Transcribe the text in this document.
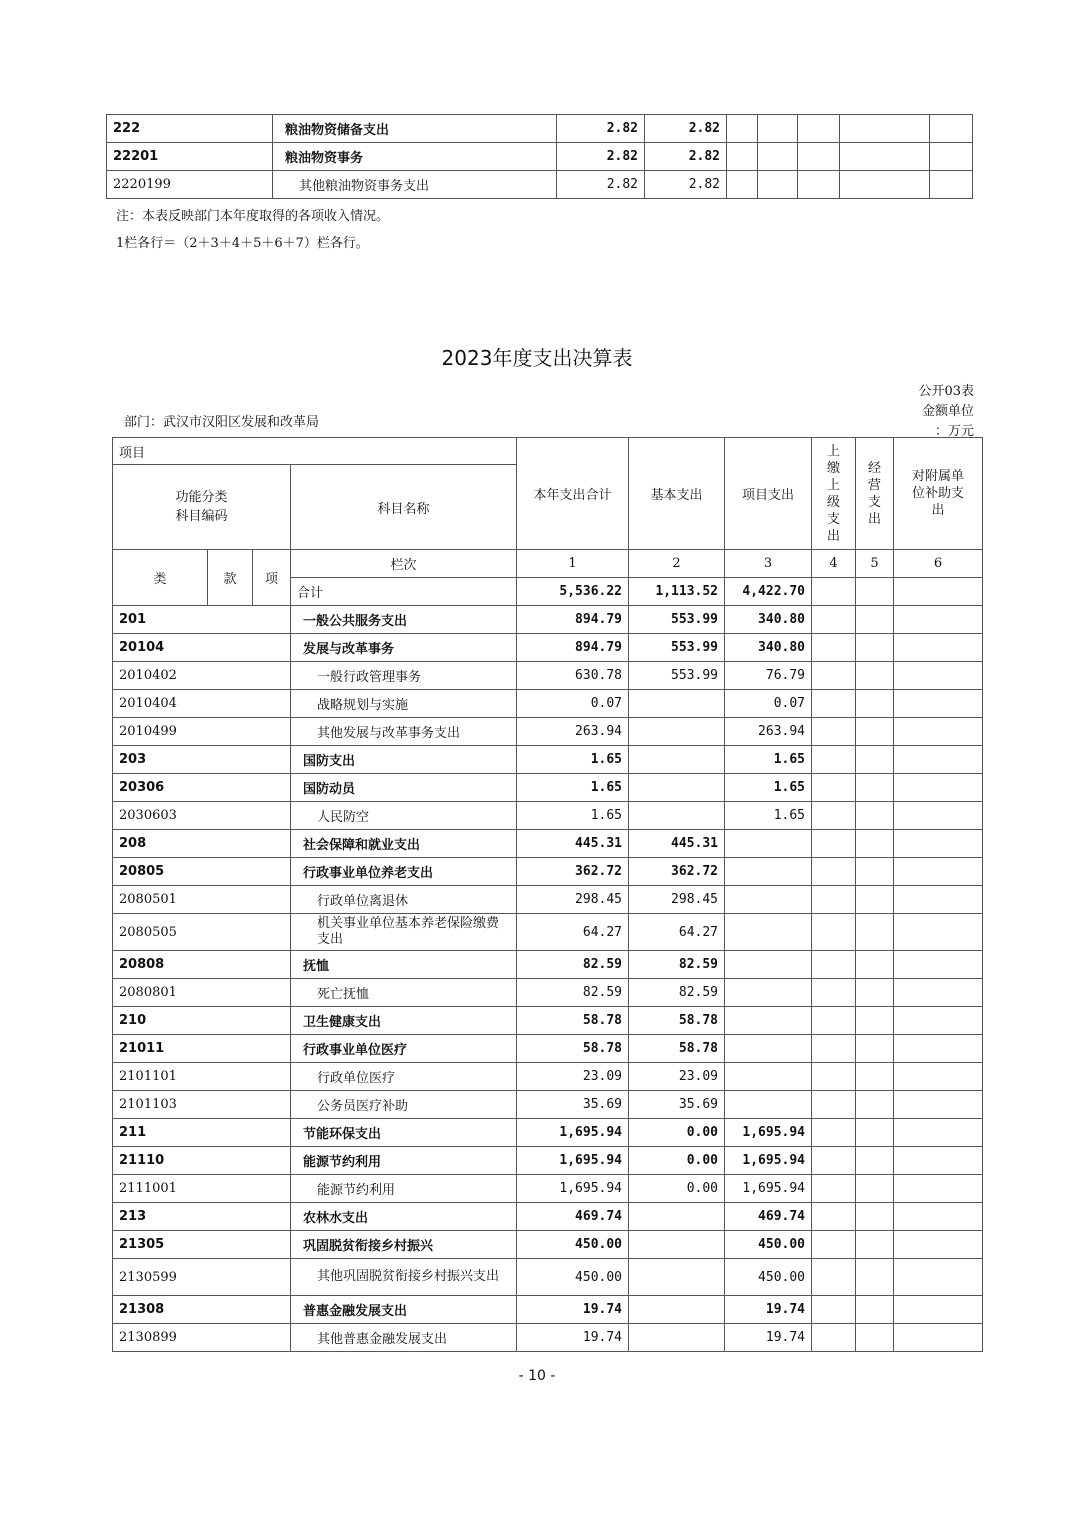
222	粮油物资储备支出	2.82	2.82					
22201	粮油物资事务	2.82	2.82					
2220199	其他粮油物资事务支出	2.82	2.82					
注：本表反映部门本年度取得的各项收入情况。
1栏各行＝（2＋3＋4＋5＋6＋7）栏各行。
2023年度支出决算表
公开03表
金额单位
：万元
部门：武汉市汉阳区发展和改革局
项目				本年支出合计	基本支出	项目支出	上缴上级支出	经营支出	对附属单位补助支出

功能分类
科目编码			科目名称						
类	款	项	栏次	1	2	3	4	5	6
			合计	5,536.22	1,113.52	4,422.70			
201			一般公共服务支出	894.79	553.99	340.80			
20104			发展与改革事务	894.79	553.99	340.80			
2010402			一般行政管理事务	630.78	553.99	76.79			
2010404			战略规划与实施	0.07		0.07			
2010499			其他发展与改革事务支出	263.94		263.94			
203			国防支出	1.65		1.65			
20306			国防动员	1.65		1.65			
2030603			人民防空	1.65		1.65			
208			社会保障和就业支出	445.31	445.31				
20805			行政事业单位养老支出	362.72	362.72				
2080501			行政单位离退休	298.45	298.45				
2080505			机关事业单位基本养老保险缴费支出	64.27	64.27				
20808			抚恤	82.59	82.59				
2080801			死亡抚恤	82.59	82.59				
210			卫生健康支出	58.78	58.78				
21011			行政事业单位医疗	58.78	58.78				
2101101			行政单位医疗	23.09	23.09				
2101103			公务员医疗补助	35.69	35.69				
211			节能环保支出	1,695.94	0.00	1,695.94			
21110			能源节约利用	1,695.94	0.00	1,695.94			
2111001			能源节约利用	1,695.94	0.00	1,695.94			
213			农林水支出	469.74		469.74			
21305			巩固脱贫衔接乡村振兴	450.00		450.00			
2130599			其他巩固脱贫衔接乡村振兴支出	450.00		450.00			
21308			普惠金融发展支出	19.74		19.74			
2130899			其他普惠金融发展支出	19.74		19.74			
- 10 -
